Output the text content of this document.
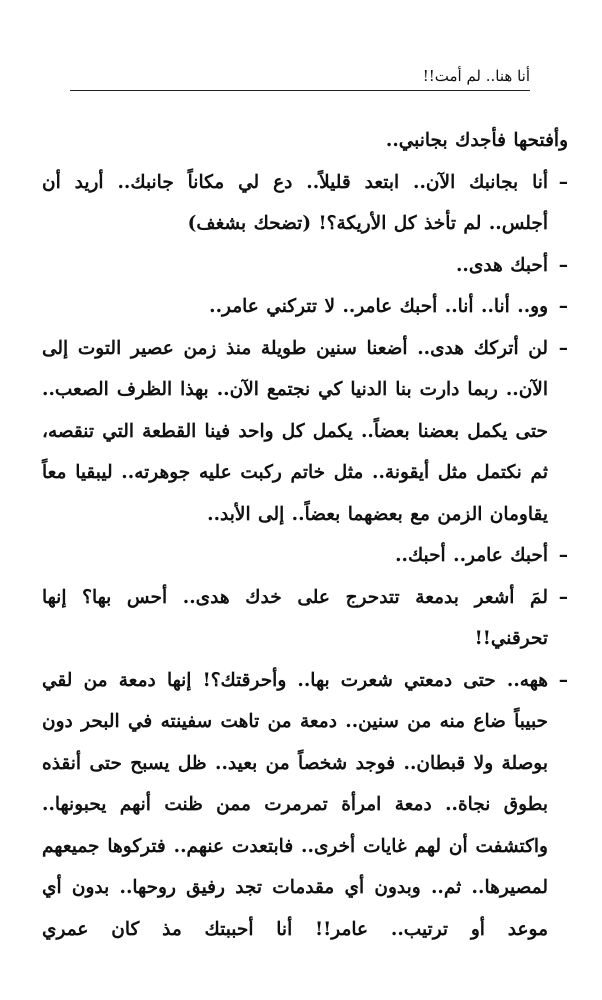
أنا هنا.. لم أمت!!

وأفتحها فأجدك بجانبي..

– أنا بجانبك الآن.. ابتعد قليلاً.. دع لي مكاناً جانبك.. أريد أن أجلس.. لم تأخذ كل الأريكة؟! (تضحك بشغف)

– أحبك هدى..

– وو.. أنا.. أنا.. أحبك عامر.. لا تتركني عامر..

– لن أتركك هدى.. أضعنا سنين طويلة منذ زمن عصير التوت إلى الآن.. ربما دارت بنا الدنيا كي نجتمع الآن.. بهذا الظرف الصعب.. حتى يكمل بعضنا بعضاً.. يكمل كل واحد فينا القطعة التي تنقصه، ثم نكتمل مثل أيقونة.. مثل خاتم ركبت عليه جوهرته.. ليبقيا معاً يقاومان الزمن مع بعضهما بعضاً.. إلى الأبد..

– أحبك عامر.. أحبك..

– لمَ أشعر بدمعة تتدحرج على خدك هدى.. أحس بها؟ إنها تحرقني!!

– ههه.. حتى دمعتي شعرت بها.. وأحرقتك؟! إنها دمعة من لقي حبيباً ضاع منه من سنين.. دمعة من تاهت سفينته في البحر دون بوصلة ولا قبطان.. فوجد شخصاً من بعيد.. ظل يسبح حتى أنقذه بطوق نجاة.. دمعة امرأة تمرمرت ممن ظنت أنهم يحبونها.. واكتشفت أن لهم غايات أخرى.. فابتعدت عنهم.. فتركوها جميعهم لمصيرها.. ثم.. وبدون أي مقدمات تجد رفيق روحها.. بدون أي موعد أو ترتيب.. عامر!! أنا أحببتك مذ كان عمري
